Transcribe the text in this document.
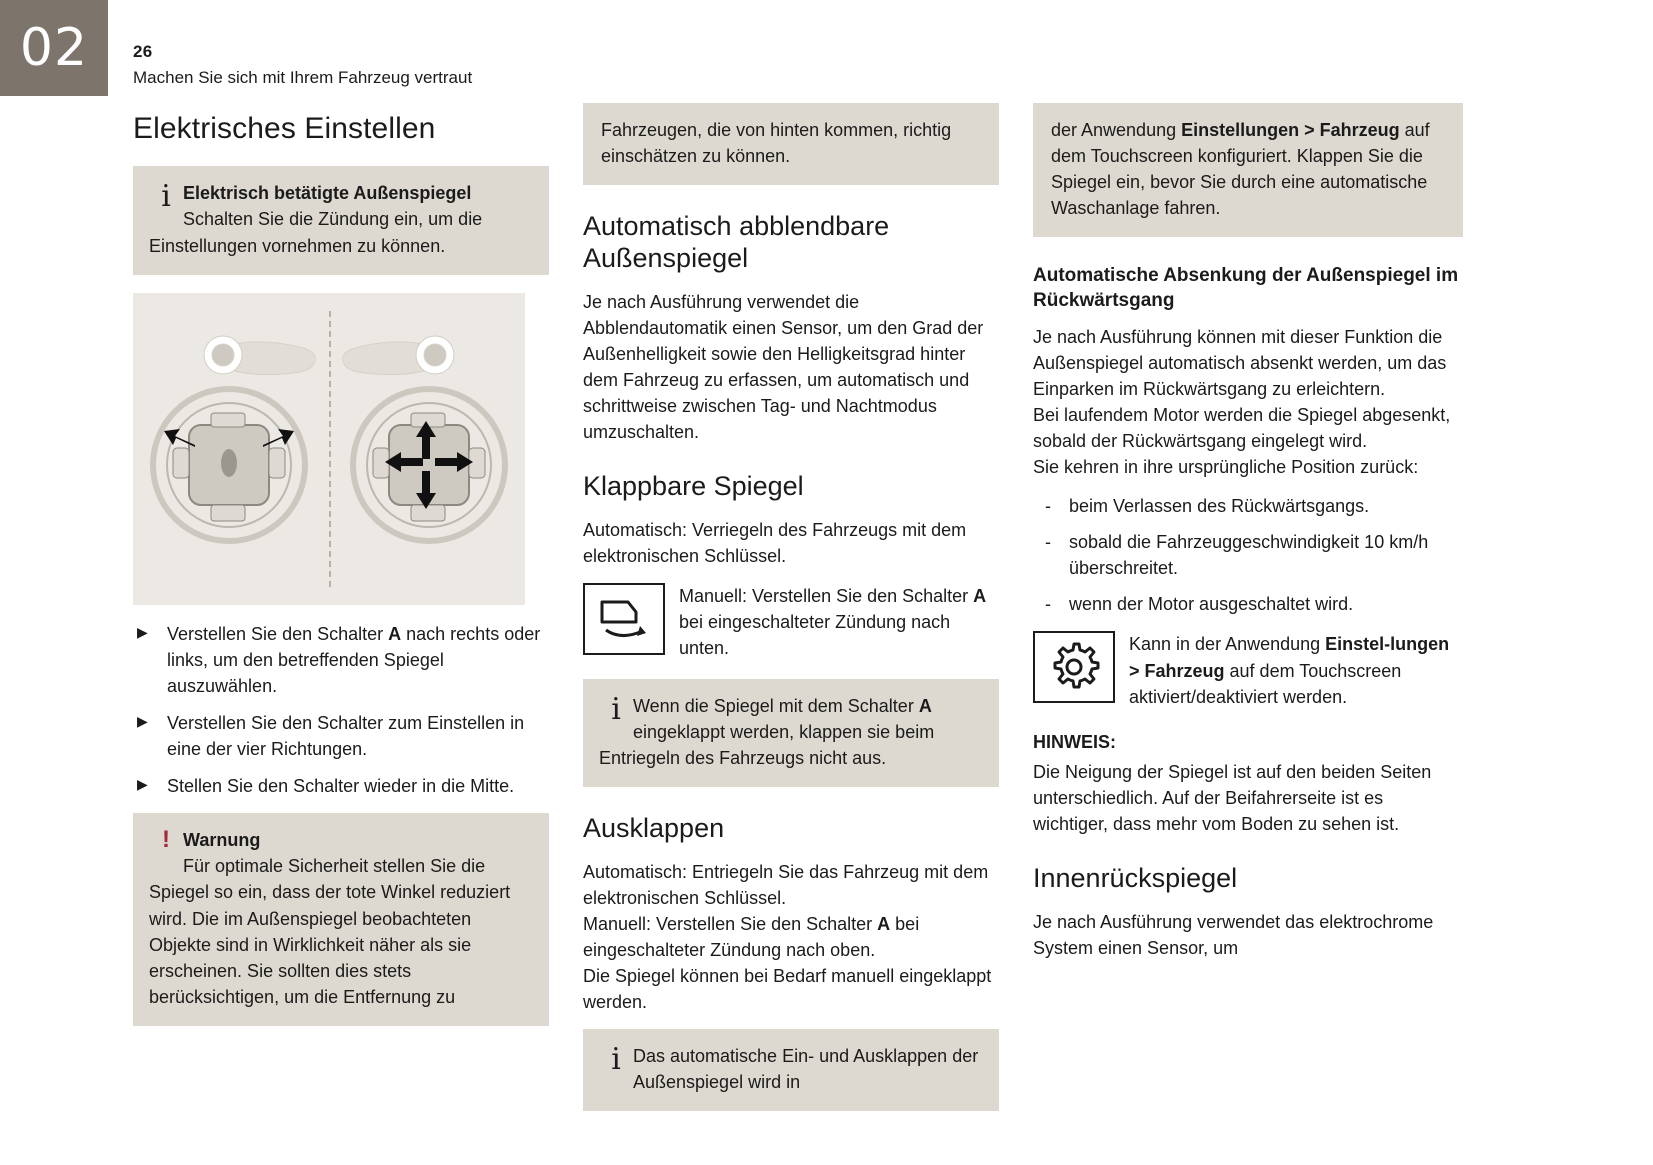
02	26
Machen Sie sich mit Ihrem Fahrzeug vertraut
Elektrisches Einstellen
i Elektrisch betätigte Außenspiegel
Schalten Sie die Zündung ein, um die Einstellungen vornehmen zu können.
▶ Verstellen Sie den Schalter A nach rechts oder links, um den betreffenden Spiegel auszuwählen.
▶ Verstellen Sie den Schalter zum Einstellen in eine der vier Richtungen.
▶ Stellen Sie den Schalter wieder in die Mitte.
! Warnung
Für optimale Sicherheit stellen Sie die Spiegel so ein, dass der tote Winkel reduziert wird. Die im Außenspiegel beobachteten Objekte sind in Wirklichkeit näher als sie erscheinen. Sie sollten dies stets berücksichtigen, um die Entfernung zu
Fahrzeugen, die von hinten kommen, richtig einschätzen zu können.
Automatisch abblendbare Außenspiegel

Je nach Ausführung verwendet die Abblendautomatik einen Sensor, um den Grad der Außenhelligkeit sowie den Helligkeitsgrad hinter dem Fahrzeug zu erfassen, um automatisch und schrittweise zwischen Tag- und Nachtmodus umzuschalten.

Klappbare Spiegel

Automatisch: Verriegeln des Fahrzeugs mit dem elektronischen Schlüssel.

Manuell: Verstellen Sie den Schalter A bei eingeschalteter Zündung nach unten.
i Wenn die Spiegel mit dem Schalter A eingeklappt werden, klappen sie beim Entriegeln des Fahrzeugs nicht aus.
Ausklappen

Automatisch: Entriegeln Sie das Fahrzeug mit dem elektronischen Schlüssel.

Manuell: Verstellen Sie den Schalter A bei eingeschalteter Zündung nach oben.

Die Spiegel können bei Bedarf manuell eingeklappt werden.

i Das automatische Ein- und Ausklappen der Außenspiegel wird in
der Anwendung Einstellungen > Fahrzeug auf dem Touchscreen konfiguriert. Klappen Sie die Spiegel ein, bevor Sie durch eine automatische Waschanlage fahren.
Automatische Absenkung der Außenspiegel im Rückwärtsgang

Je nach Ausführung können mit dieser Funktion die Außenspiegel automatisch absenkt werden, um das Einparken im Rückwärtsgang zu erleichtern.

Bei laufendem Motor werden die Spiegel abgesenkt, sobald der Rückwärtsgang eingelegt wird.

Sie kehren in ihre ursprüngliche Position zurück:

- beim Verlassen des Rückwärtsgangs.
- sobald die Fahrzeuggeschwindigkeit 10 km/h überschreitet.
- wenn der Motor ausgeschaltet wird.
Kann in der Anwendung Einstel-lungen > Fahrzeug auf dem Touchscreen aktiviert/deaktiviert werden.
HINWEIS:

Die Neigung der Spiegel ist auf den beiden Seiten unterschiedlich. Auf der Beifahrerseite ist es wichtiger, dass mehr vom Boden zu sehen ist.

Innenrückspiegel

Je nach Ausführung verwendet das elektrochrome System einen Sensor, um
